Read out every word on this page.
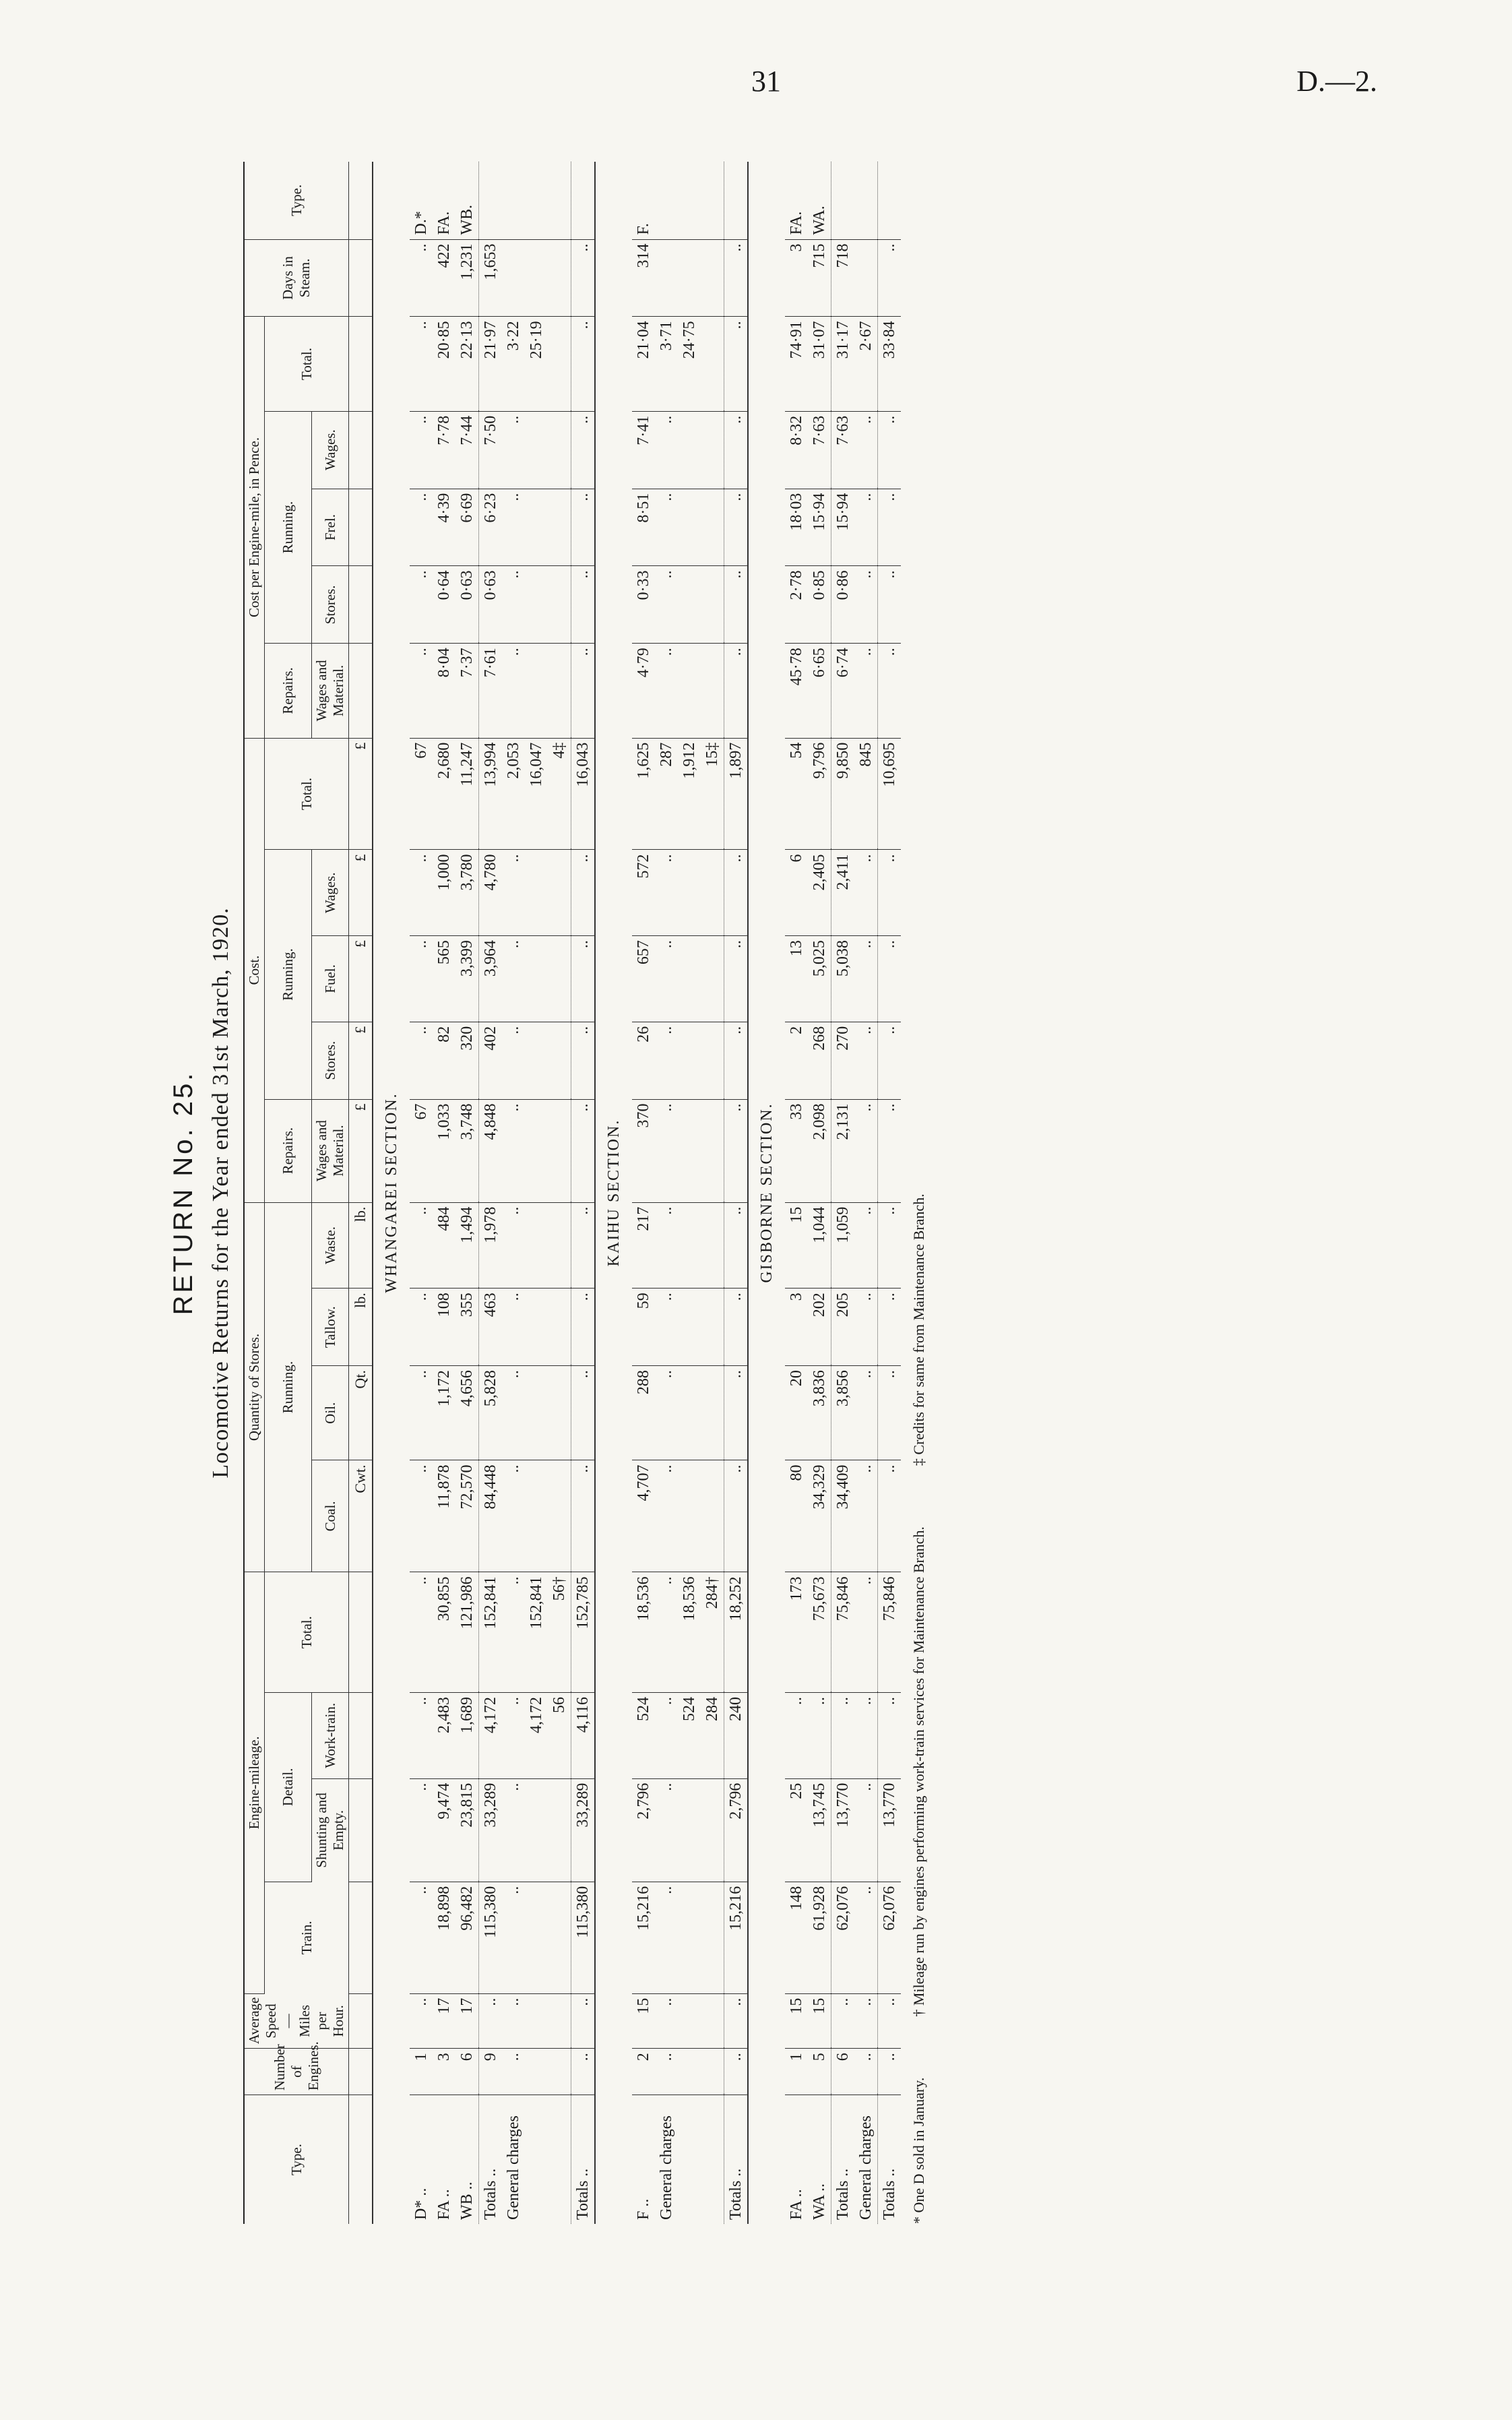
31	D.—2.
RETURN No. 25. Locomotive Returns for the Year ended 31st March, 1920.
Type.	Number of Engines.	Average Speed—Miles per Hour.	Engine-mileage.				Quantity of Stores.				Cost.					Cost per Engine-mile, in Pence.					Days in Steam.	Type.
			Train.	Detail.		Total.	Running.				Repairs.	Running.			Total.	Repairs.	Running.			Total.		
				Shunting and Empty.	Work-train.		Coal.	Oil.	Tallow.	Waste.	Wages and Material.	Stores.	Fuel.	Wages.		Wages and Material.	Stores.	Frel.	Wages.			
							Cwt.	Qt.	lb.	lb.	£	£	£	£	£							
WHANGAREI SECTION.																						
D* ..	1	..	..	..	..	..	..	..	..	..	67	..	..	..	67	..	..	..	..	..	..	D.*
FA ..	3	17	18,898	9,474	2,483	30,855	11,878	1,172	108	484	1,033	82	565	1,000	2,680	8·04	0·64	4·39	7·78	20·85	422	FA.
WB ..	6	17	96,482	23,815	1,689	121,986	72,570	4,656	355	1,494	3,748	320	3,399	3,780	11,247	7·37	0·63	6·69	7·44	22·13	1,231	WB.
Totals ..	9	..	115,380	33,289	4,172	152,841	84,448	5,828	463	1,978	4,848	402	3,964	4,780	13,994	7·61	0·63	6·23	7·50	21·97	1,653	
General charges	..	..	..	..	..	..	..	..	..	..	..	..	..	..	2,053	..	..	..	..	3·22		
					4,172	152,841									16,047					25·19		
					56	56†									4‡							
Totals ..	..	..	115,380	33,289	4,116	152,785	..	..	..	..	..	..	..	..	16,043	..	..	..	..	..	..	
KAIHU SECTION.																						
F ..	2	15	15,216	2,796	524	18,536	4,707	288	59	217	370	26	657	572	1,625	4·79	0·33	8·51	7·41	21·04	314	F.
General charges	..	..	..	..	..	..	..	..	..	..	..	..	..	..	287	..	..	..	..	3·71		
					524	18,536									1,912					24·75		
					284	284†									15‡							
Totals ..	..	..	15,216	2,796	240	18,252	..	..	..	..	..	..	..	..	1,897	..	..	..	..	..	..	
GISBORNE SECTION.																						
FA ..	1	15	148	25	..	173	80	20	3	15	33	2	13	6	54	45·78	2·78	18·03	8·32	74·91	3	FA.
WA ..	5	15	61,928	13,745	..	75,673	34,329	3,836	202	1,044	2,098	268	5,025	2,405	9,796	6·65	0·85	15·94	7·63	31·07	715	WA.
Totals ..	6	..	62,076	13,770	..	75,846	34,409	3,856	205	1,059	2,131	270	5,038	2,411	9,850	6·74	0·86	15·94	7·63	31·17	718	
General charges	..	..	..	..	..	..	..	..	..	..	..	..	..	..	845	..	..	..	..	2·67		
Totals ..	..	..	62,076	13,770	..	75,846	..	..	..	..	..	..	..	..	10,695	..	..	..	..	33·84	..	
* One D sold in January.
† Mileage run by engines performing work-train services for Maintenance Branch.
‡ Credits for same from Maintenance Branch.
